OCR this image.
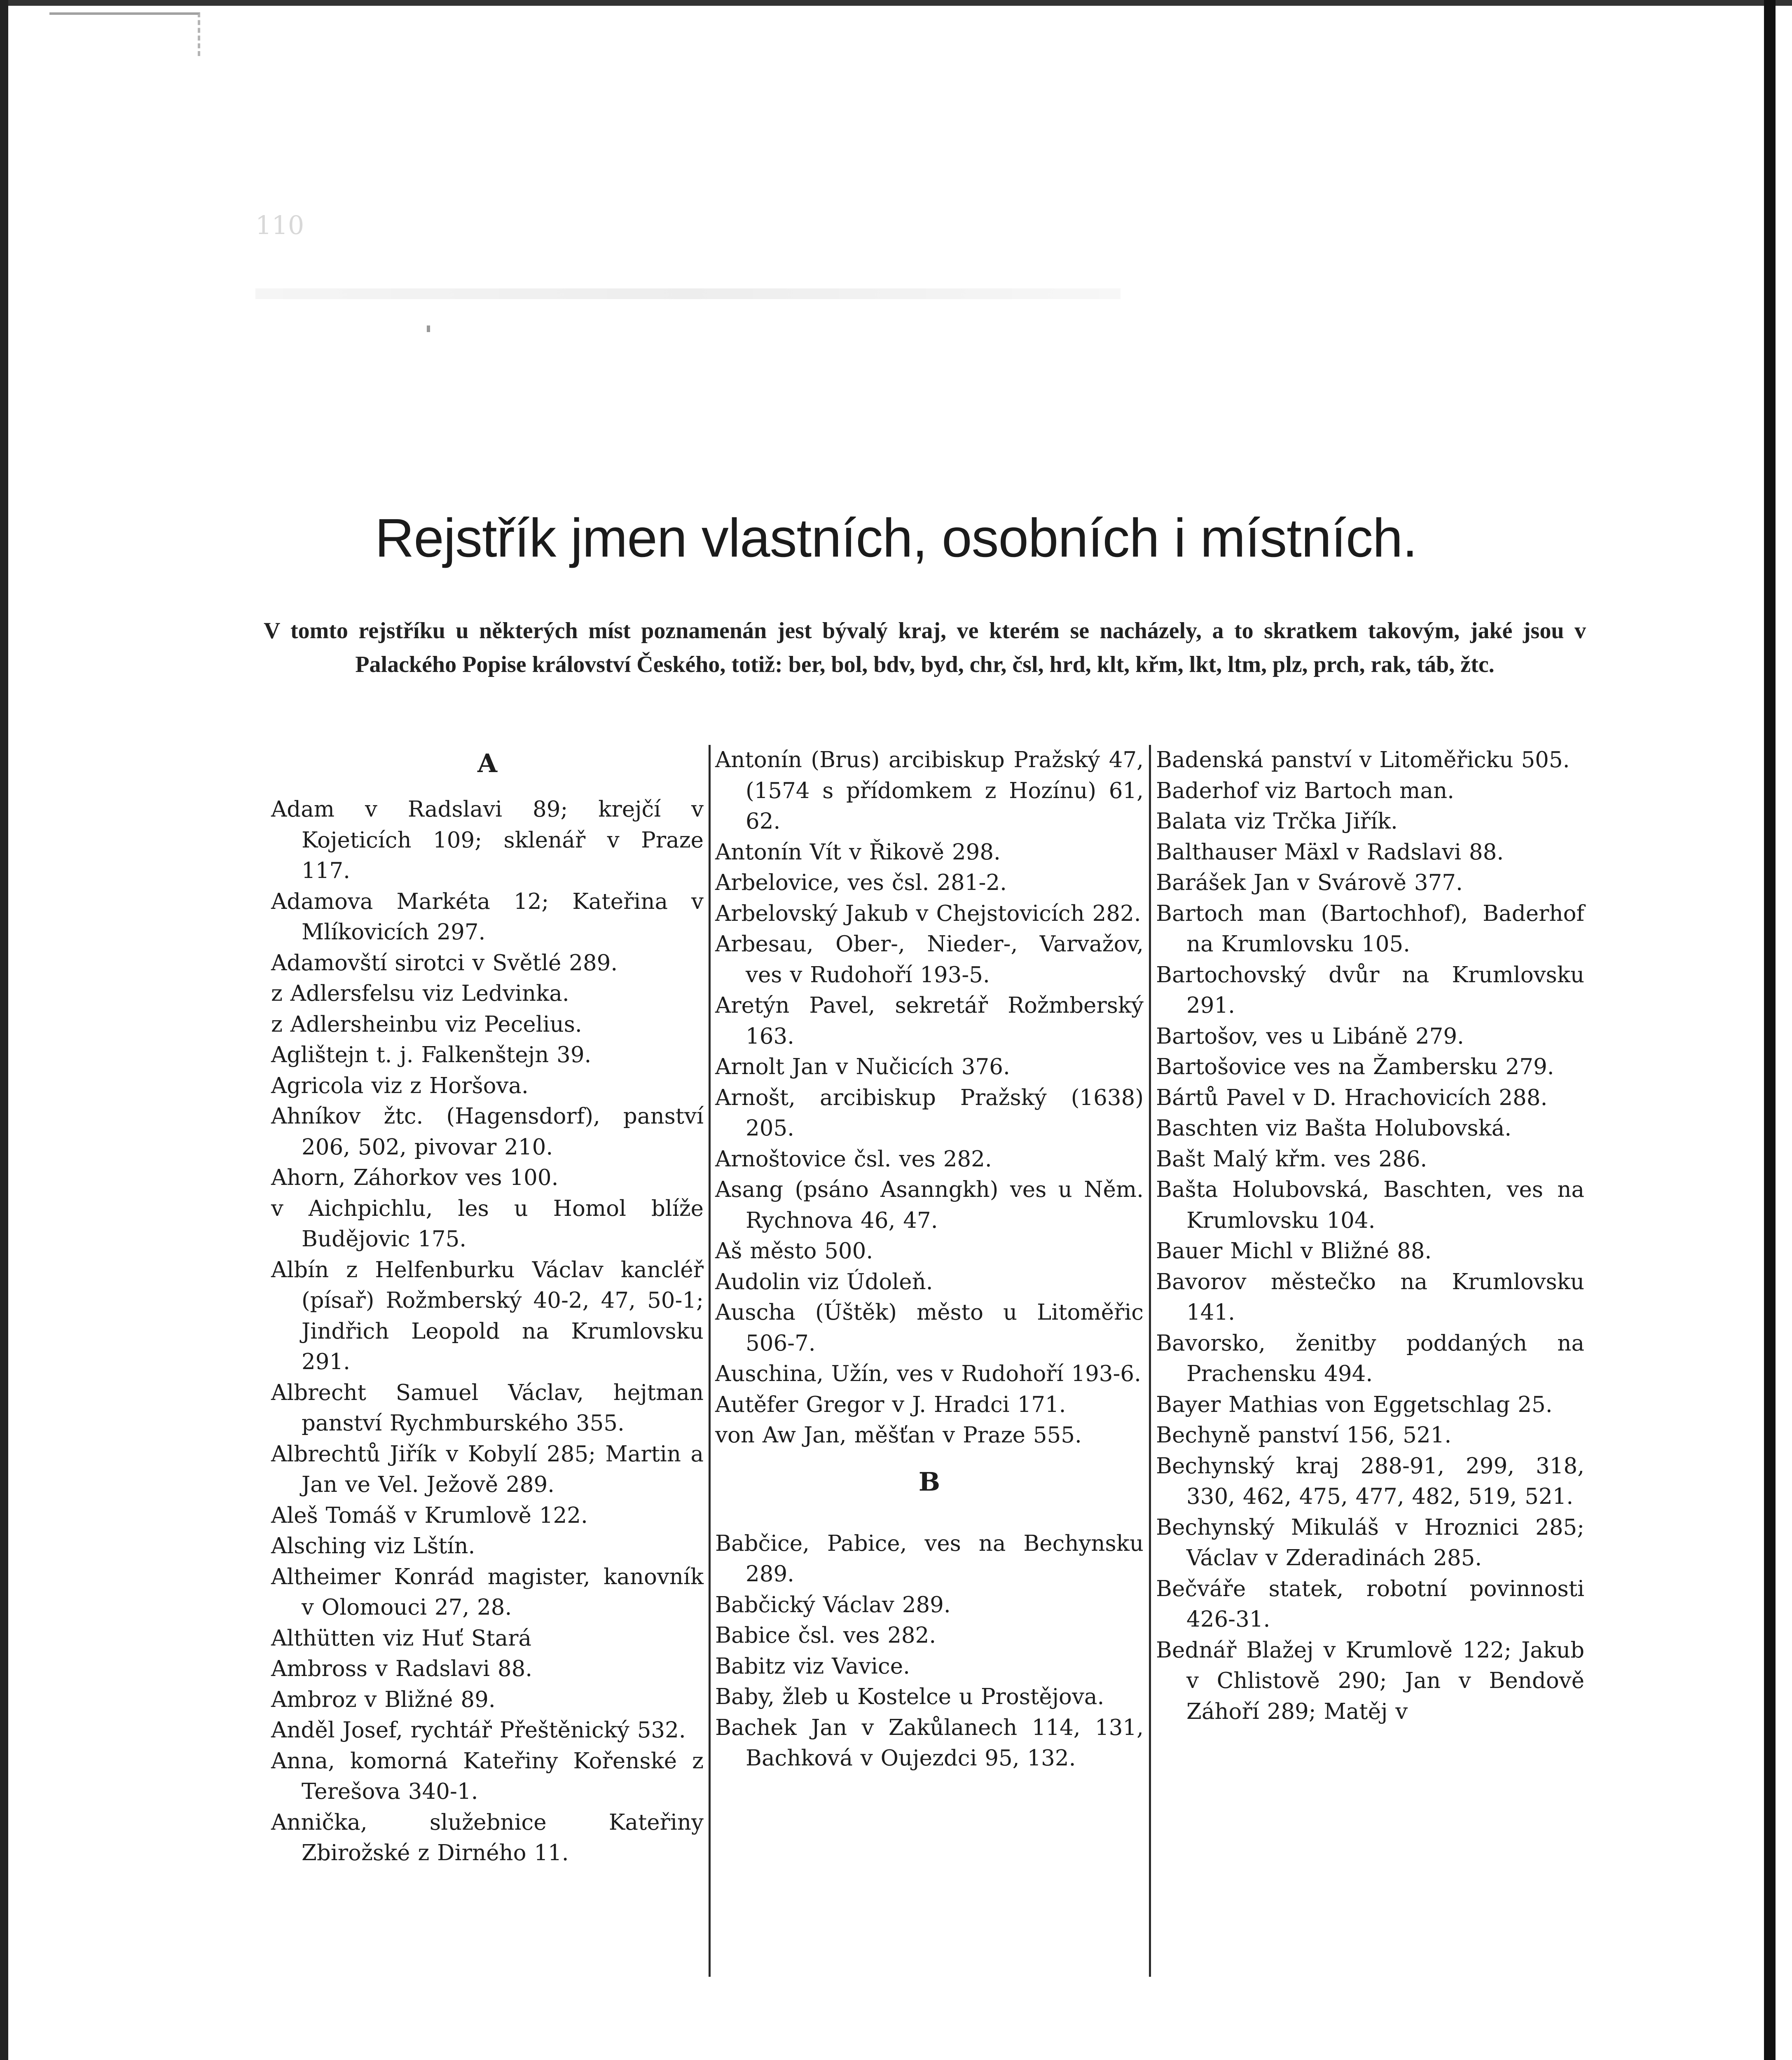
110
Rejstřík jmen vlastních, osobních i místních.

V tomto rejstříku u některých míst poznamenán jest bývalý kraj, ve kterém se nacházely, a to skratkem takovým, jaké jsou v Palackého Popise království Českého, totiž: ber, bol, bdv, byd, chr, čsl, hrd, klt, křm, lkt, ltm, plz, prch, rak, táb, žtc.

A
Adam v Radslavi 89; krejčí v Kojeticích 109; sklenář v Praze 117.
Adamova Markéta 12; Kateřina v Mlíkovicích 297.
Adamovští sirotci v Světlé 289.
z Adlersfelsu viz Ledvinka.
z Adlersheinbu viz Pecelius.
Aglištejn t. j. Falkenštejn 39.
Agricola viz z Horšova.
Ahníkov žtc. (Hagensdorf), panství 206, 502, pivovar 210.
Ahorn, Záhorkov ves 100.
v Aichpichlu, les u Homol blíže Budějovic 175.
Albín z Helfenburku Václav kancléř (písař) Rožmberský 40-2, 47, 50-1; Jindřich Leopold na Krumlovsku 291.
Albrecht Samuel Václav, hejtman panství Rychmburského 355.
Albrechtů Jiřík v Kobylí 285; Martin a Jan ve Vel. Ježově 289.
Aleš Tomáš v Krumlově 122.
Alsching viz Lštín.
Altheimer Konrád magister, kanovník v Olomouci 27, 28.
Althütten viz Huť Stará
Ambross v Radslavi 88.
Ambroz v Bližné 89.
Anděl Josef, rychtář Přeštěnický 532.
Anna, komorná Kateřiny Kořenské z Terešova 340-1.
Annička, služebnice Kateřiny Zbirožské z Dirného 11.
Antonín (Brus) arcibiskup Pražský 47, (1574 s přídomkem z Hozínu) 61, 62.
Antonín Vít v Řikově 298.
Arbelovice, ves čsl. 281-2.
Arbelovský Jakub v Chejstovicích 282.
Arbesau, Ober-, Nieder-, Varvažov, ves v Rudohoří 193-5.
Aretýn Pavel, sekretář Rožmberský 163.
Arnolt Jan v Nučicích 376.
Arnošt, arcibiskup Pražský (1638) 205.
Arnoštovice čsl. ves 282.
Asang (psáno Asanngkh) ves u Něm. Rychnova 46, 47.
Aš město 500.
Audolin viz Údoleň.
Auscha (Úštěk) město u Litoměřic 506-7.
Auschina, Užín, ves v Rudohoří 193-6.
Autěfer Gregor v J. Hradci 171.
von Aw Jan, měšťan v Praze 555.
B
Babčice, Pabice, ves na Bechynsku 289.
Babčický Václav 289.
Babice čsl. ves 282.
Babitz viz Vavice.
Baby, žleb u Kostelce u Prostějova.
Bachek Jan v Zakůlanech 114, 131, Bachková v Oujezdci 95, 132.
Badenská panství v Litoměřicku 505.
Baderhof viz Bartoch man.
Balata viz Trčka Jiřík.
Balthauser Mäxl v Radslavi 88.
Barášek Jan v Svárově 377.
Bartoch man (Bartochhof), Baderhof na Krumlovsku 105.
Bartochovský dvůr na Krumlovsku 291.
Bartošov, ves u Libáně 279.
Bartošovice ves na Žambersku 279.
Bártů Pavel v D. Hrachovicích 288.
Baschten viz Bašta Holubovská.
Bašt Malý křm. ves 286.
Bašta Holubovská, Baschten, ves na Krumlovsku 104.
Bauer Michl v Bližné 88.
Bavorov městečko na Krumlovsku 141.
Bavorsko, ženitby poddaných na Prachensku 494.
Bayer Mathias von Eggetschlag 25.
Bechyně panství 156, 521.
Bechynský kraj 288-91, 299, 318, 330, 462, 475, 477, 482, 519, 521.
Bechynský Mikuláš v Hroznici 285; Václav v Zderadinách 285.
Bečváře statek, robotní povinnosti 426-31.
Bednář Blažej v Krumlově 122; Jakub v Chlistově 290; Jan v Bendově Záhoří 289; Matěj v
